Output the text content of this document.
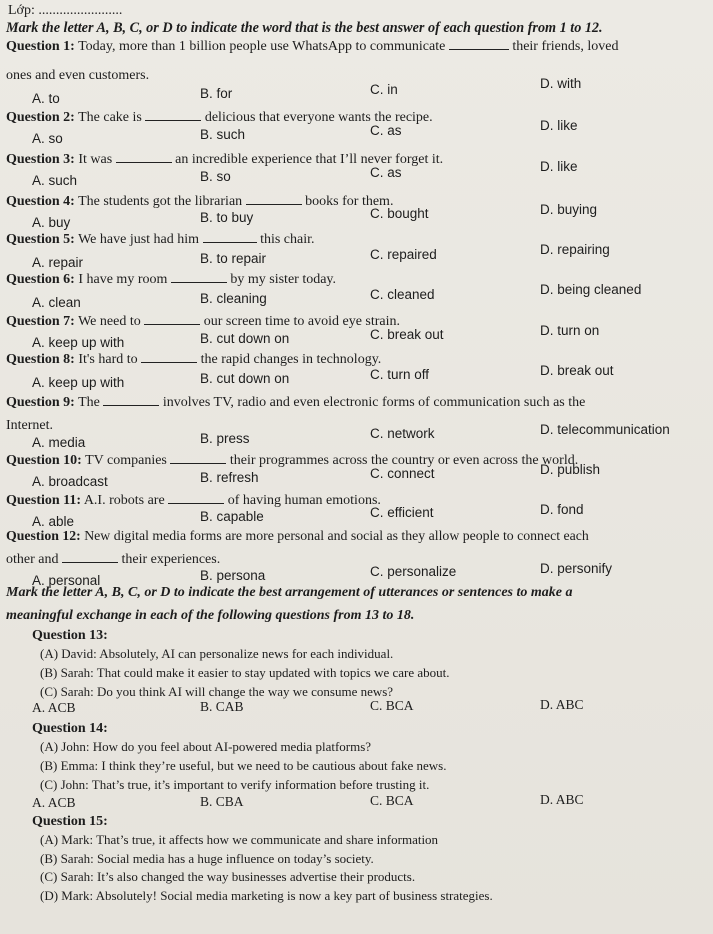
Lớp: ........................
Mark the letter A, B, C, or D to indicate the word that is the best answer of each question from 1 to 12.
Question 1: Today, more than 1 billion people use WhatsApp to communicate	their friends, loved
ones and even customers.
A. to	B. for	C. in	D. with
Question 2: The cake is	delicious that everyone wants the recipe.
A. so	B. such	C. as	D. like
Question 3: It was	an incredible experience that I’ll never forget it.
A. such	B. so	C. as	D. like
Question 4: The students got the librarian	books for them.
A. buy	B. to buy	C. bought	D. buying
Question 5: We have just had him	this chair.
A. repair	B. to repair	C. repaired	D. repairing
Question 6: I have my room	by my sister today.
A. clean	B. cleaning	C. cleaned	D. being cleaned
Question 7: We need to	our screen time to avoid eye strain.
A. keep up with	B. cut down on	C. break out	D. turn on
Question 8: It's hard to	the rapid changes in technology.
A. keep up with	B. cut down on	C. turn off	D. break out
Question 9: The	involves TV, radio and even electronic forms of communication such as the
Internet.
A. media	B. press	C. network	D. telecommunication
Question 10: TV companies	their programmes across the country or even across the world.
A. broadcast	B. refresh	C. connect	D. publish
Question 11: A.I. robots are	of having human emotions.
A. able	B. capable	C. efficient	D. fond
Question 12: New digital media forms are more personal and social as they allow people to connect each
other and	their experiences.
A. personal	B. persona	C. personalize	D. personify
Mark the letter A, B, C, or D to indicate the best arrangement of utterances or sentences to make a
meaningful exchange in each of the following questions from 13 to 18.
Question 13:
(A) David: Absolutely, AI can personalize news for each individual.
(B) Sarah: That could make it easier to stay updated with topics we care about.
(C) Sarah: Do you think AI will change the way we consume news?
A. ACB	B. CAB	C. BCA	D. ABC
Question 14:
(A) John: How do you feel about AI-powered media platforms?
(B) Emma: I think they’re useful, but we need to be cautious about fake news.
(C) John: That’s true, it’s important to verify information before trusting it.
A. ACB	B. CBA	C. BCA	D. ABC
Question 15:
(A) Mark: That’s true, it affects how we communicate and share information
(B) Sarah: Social media has a huge influence on today’s society.
(C) Sarah: It’s also changed the way businesses advertise their products.
(D) Mark: Absolutely! Social media marketing is now a key part of business strategies.
